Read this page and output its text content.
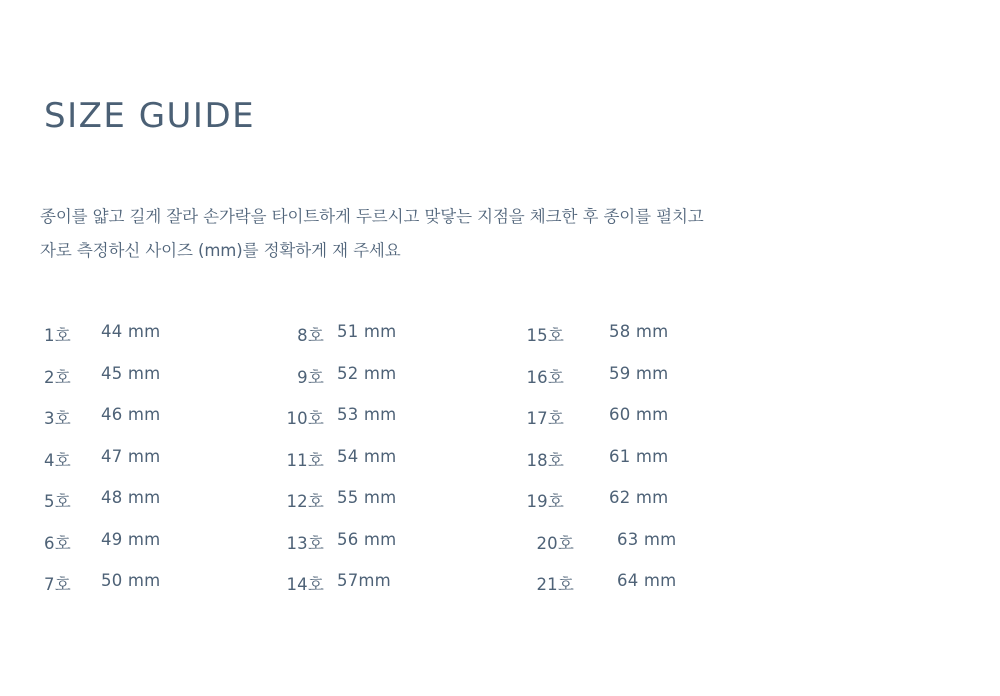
SIZE GUIDE
종이를 얇고 길게 잘라 손가락을 타이트하게 두르시고 맞닿는 지점을 체크한 후 종이를 펼치고
자로 측정하신 사이즈 (mm)를 정확하게 재 주세요
1호 44 mm	8호 51 mm	15호	58 mm
2호 45 mm	9호 52 mm	16호	59 mm
3호 46 mm	10호 53 mm	17호	60 mm
4호 47 mm	11호 54 mm	18호	61 mm
5호 48 mm	12호 55 mm	19호	62 mm
6호 49 mm	13호 56 mm	20호	63 mm
7호 50 mm	14호 57mm	21호	64 mm
